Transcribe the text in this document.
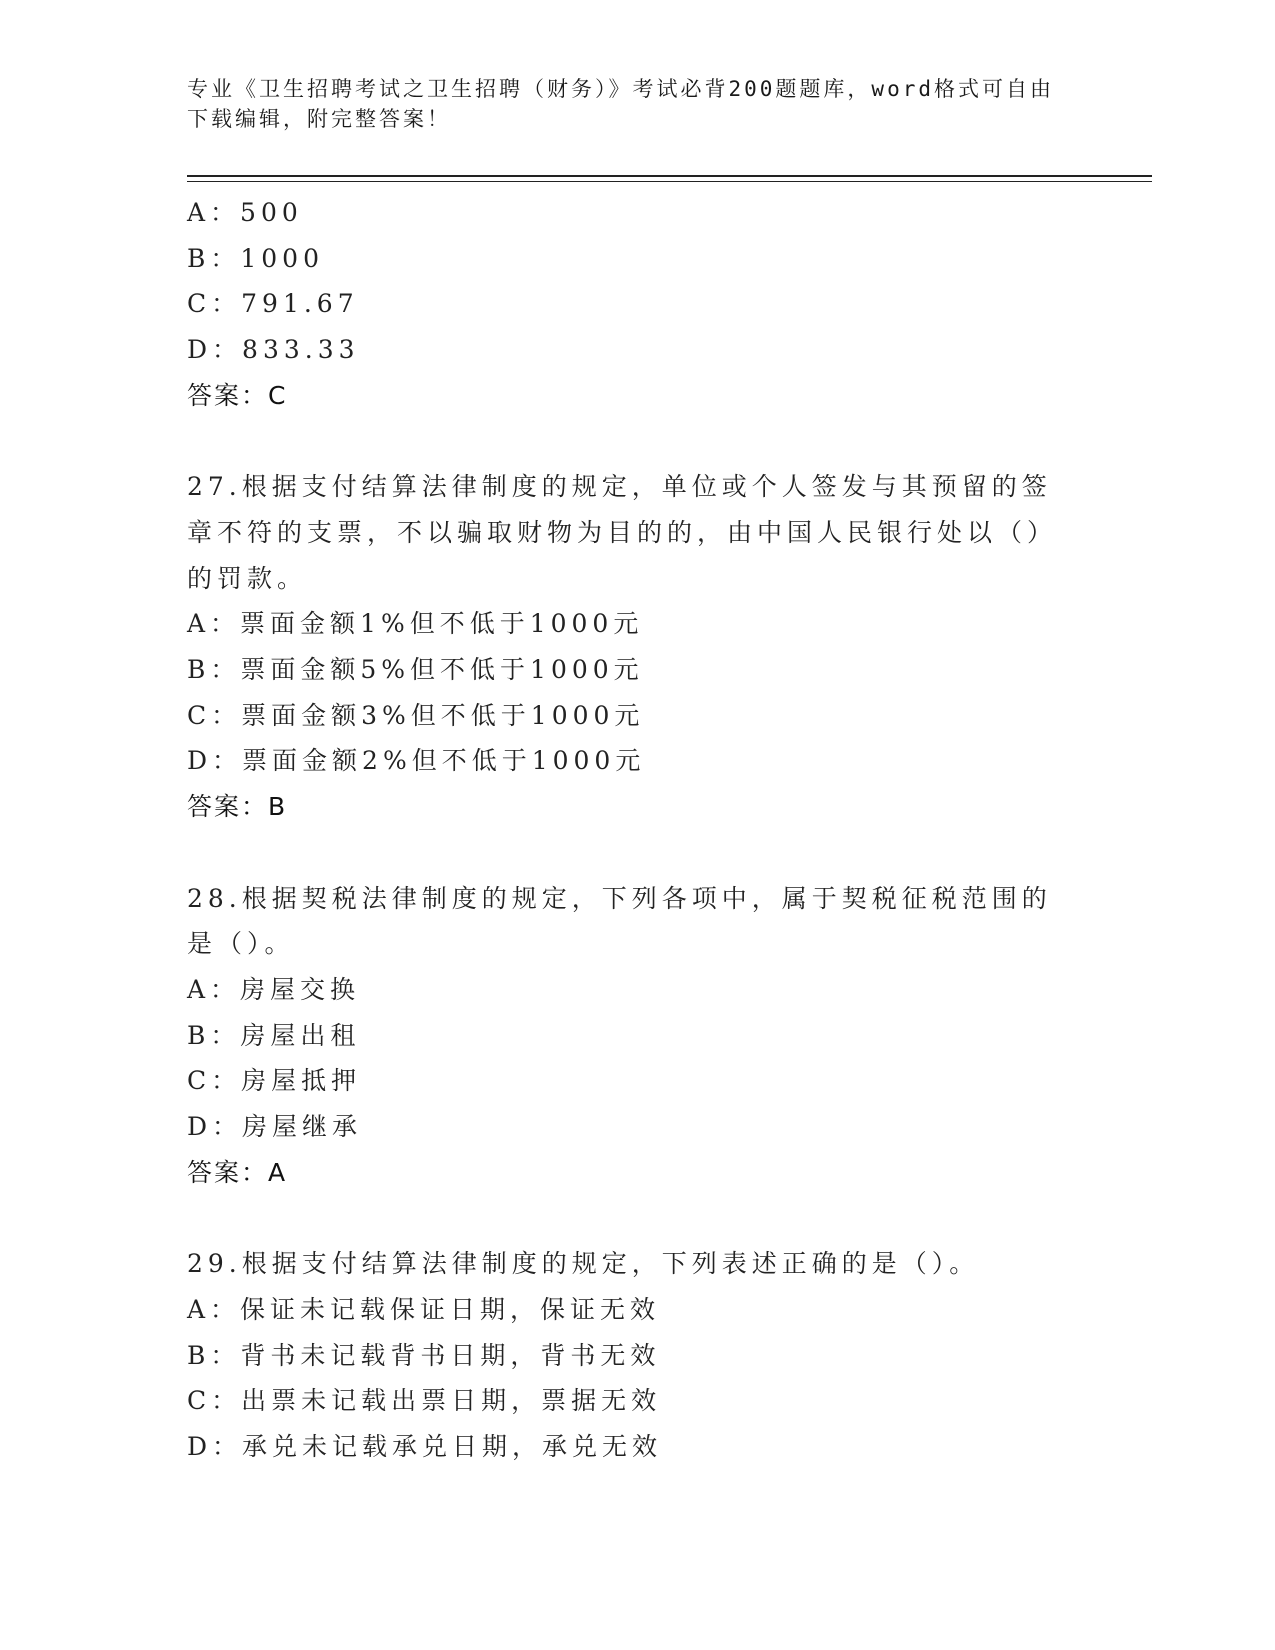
专业《卫生招聘考试之卫生招聘（财务）》考试必背200题题库，word格式可自由下载编辑，附完整答案！
A：500
B：1000
C：791.67
D：833.33
答案：C
27.根据支付结算法律制度的规定，单位或个人签发与其预留的签章不符的支票，不以骗取财物为目的的，由中国人民银行处以（）的罚款。
A：票面金额1%但不低于1000元
B：票面金额5%但不低于1000元
C：票面金额3%但不低于1000元
D：票面金额2%但不低于1000元
答案：B
28.根据契税法律制度的规定，下列各项中，属于契税征税范围的是（）。
A：房屋交换
B：房屋出租
C：房屋抵押
D：房屋继承
答案：A
29.根据支付结算法律制度的规定，下列表述正确的是（）。
A：保证未记载保证日期，保证无效
B：背书未记载背书日期，背书无效
C：出票未记载出票日期，票据无效
D：承兑未记载承兑日期，承兑无效
